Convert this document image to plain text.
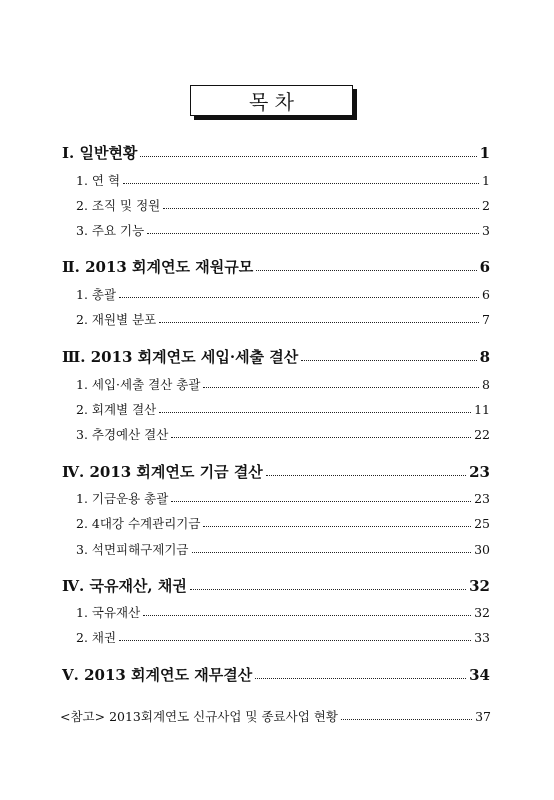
목 차
Ⅰ. 일반현황	1
1. 연 혁	1
2. 조직 및 정원	2
3. 주요 기능	3
Ⅱ. 2013 회계연도 재원규모	6
1. 총괄	6
2. 재원별 분포	7
Ⅲ. 2013 회계연도 세입·세출 결산	8
1. 세입·세출 결산 총괄	8
2. 회계별 결산	11
3. 추경예산 결산	22
Ⅳ. 2013 회계연도 기금 결산	23
1. 기금운용 총괄	23
2. 4대강 수계관리기금	25
3. 석면피해구제기금	30
Ⅳ. 국유재산, 채권	32
1. 국유재산	32
2. 채권	33
Ⅴ. 2013 회계연도 재무결산	34
<참고> 2013회계연도 신규사업 및 종료사업 현황	37
